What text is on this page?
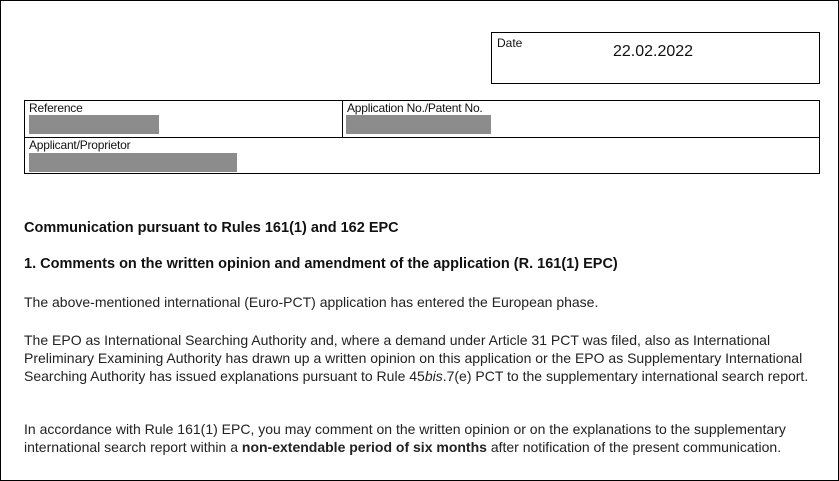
Date	22.02.2022
Reference	Application No./Patent No.
Applicant/Proprietor
Communication pursuant to Rules 161(1) and 162 EPC
1. Comments on the written opinion and amendment of the application (R. 161(1) EPC)
The above-mentioned international (Euro-PCT) application has entered the European phase.
The EPO as International Searching Authority and, where a demand under Article 31 PCT was filed, also as International Preliminary Examining Authority has drawn up a written opinion on this application or the EPO as Supplementary International Searching Authority has issued explanations pursuant to Rule 45bis.7(e) PCT to the supplementary international search report.
In accordance with Rule 161(1) EPC, you may comment on the written opinion or on the explanations to the supplementary international search report within a non-extendable period of six months after notification of the present communication.
